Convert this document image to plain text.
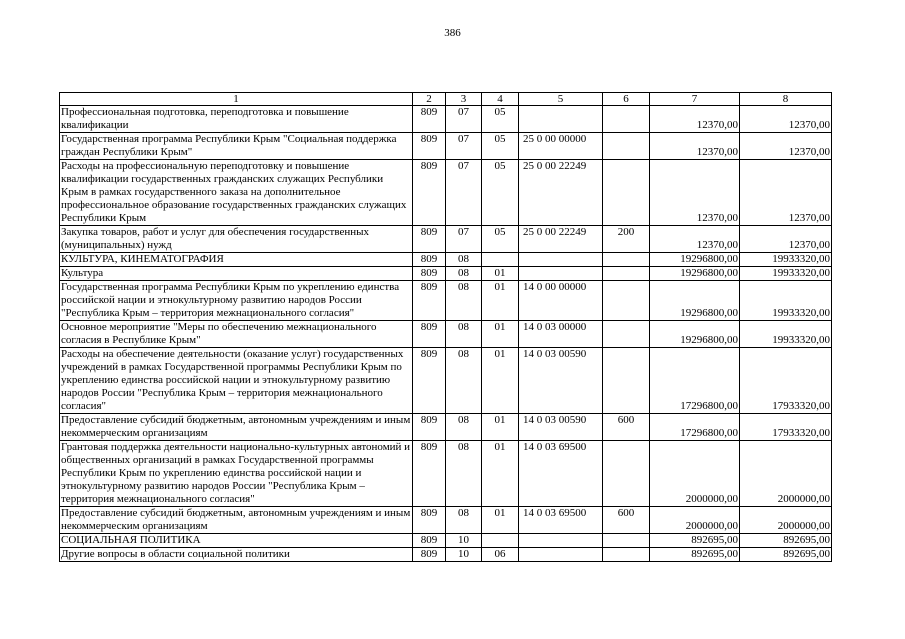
386
1	2	3	4	5	6	7	8
Профессиональная подготовка, переподготовка и повышение квалификации	809	07	05			12370,00	12370,00
Государственная программа Республики Крым "Социальная поддержка граждан Республики Крым"	809	07	05	25 0 00 00000		12370,00	12370,00
Расходы на профессиональную переподготовку и повышение квалификации государственных гражданских служащих Республики Крым в рамках государственного заказа на дополнительное профессиональное образование государственных гражданских служащих Республики Крым	809	07	05	25 0 00 22249		12370,00	12370,00
Закупка товаров, работ и услуг для обеспечения государственных (муниципальных) нужд	809	07	05	25 0 00 22249	200	12370,00	12370,00
КУЛЬТУРА, КИНЕМАТОГРАФИЯ	809	08				19296800,00	19933320,00
Культура	809	08	01			19296800,00	19933320,00
Государственная программа Республики Крым по укреплению единства российской нации и этнокультурному развитию народов России "Республика Крым – территория межнационального согласия"	809	08	01	14 0 00 00000		19296800,00	19933320,00
Основное мероприятие "Меры по обеспечению межнационального согласия в Республике Крым"	809	08	01	14 0 03 00000		19296800,00	19933320,00
Расходы на обеспечение деятельности (оказание услуг) государственных учреждений в рамках Государственной программы Республики Крым по укреплению единства российской нации и этнокультурному развитию народов России "Республика Крым – территория межнационального согласия"	809	08	01	14 0 03 00590		17296800,00	17933320,00
Предоставление субсидий бюджетным, автономным учреждениям и иным некоммерческим организациям	809	08	01	14 0 03 00590	600	17296800,00	17933320,00
Грантовая поддержка деятельности национально-культурных автономий и общественных организаций в рамках Государственной программы Республики Крым по укреплению единства российской нации и этнокультурному развитию народов России "Республика Крым – территория межнационального согласия"	809	08	01	14 0 03 69500		2000000,00	2000000,00
Предоставление субсидий бюджетным, автономным учреждениям и иным некоммерческим организациям	809	08	01	14 0 03 69500	600	2000000,00	2000000,00
СОЦИАЛЬНАЯ ПОЛИТИКА	809	10				892695,00	892695,00
Другие вопросы в области социальной политики	809	10	06			892695,00	892695,00
